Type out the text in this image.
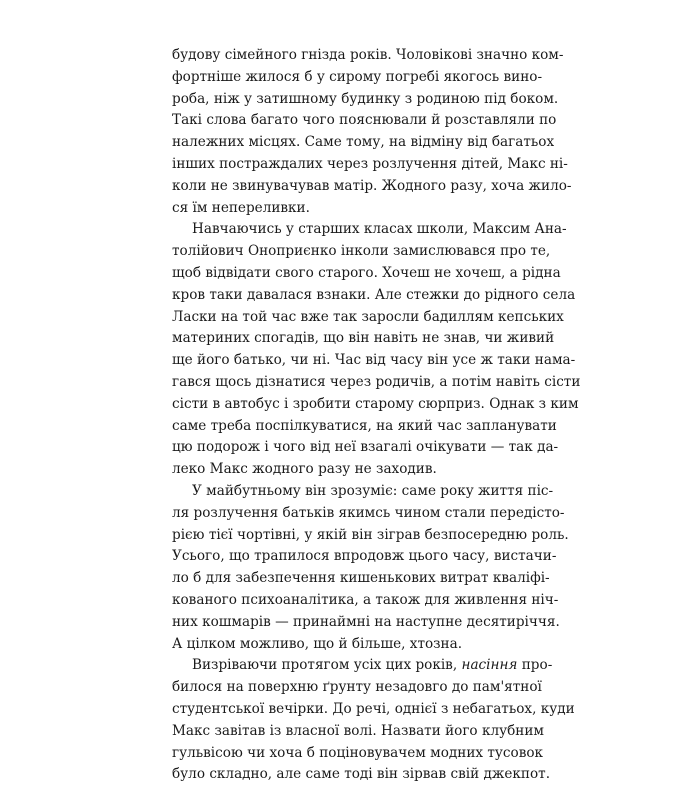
будову сімейного гнізда років. Чоловікові значно ком-
фортніше жилося б у сирому погребі якогось вино-
роба, ніж у затишному будинку з родиною під боком.
Такі слова багато чого пояснювали й розставляли по
належних місцях. Саме тому, на відміну від багатьох
інших постраждалих через розлучення дітей, Макс ні-
коли не звинувачував матір. Жодного разу, хоча жило-
ся їм непереливки.
Навчаючись у старших класах школи, Максим Ана-
толійович Оноприєнко інколи замислювався про те,
щоб відвідати свого старого. Хочеш не хочеш, а рідна
кров таки давалася взнаки. Але стежки до рідного села
Ласки на той час вже так заросли бадиллям кепських
материних спогадів, що він навіть не знав, чи живий
ще його батько, чи ні. Час від часу він усе ж таки нама-
гався щось дізнатися через родичів, а потім навіть сісти
сісти в автобус і зробити старому сюрприз. Однак з ким
саме треба поспілкуватися, на який час запланувати
цю подорож і чого від неї взагалі очікувати — так да-
леко Макс жодного разу не заходив.
У майбутньому він зрозуміє: саме року життя піс-
ля розлучення батьків якимсь чином стали передісто-
рією тієї чортівні, у якій він зіграв безпосередню роль.
Усього, що трапилося впродовж цього часу, вистачи-
ло б для забезпечення кишенькових витрат кваліфі-
кованого психоаналітика, а також для живлення ніч-
них кошмарів — принаймні на наступне десятиріччя.
А цілком можливо, що й більше, хтозна.
Визріваючи протягом усіх цих років, насіння про-
билося на поверхню ґрунту незадовго до пам'ятної
студентської вечірки. До речі, однієї з небагатьох, куди
Макс завітав із власної волі. Назвати його клубним
гульвісою чи хоча б поціновувачем модних тусовок
було складно, але саме тоді він зірвав свій джекпот.
